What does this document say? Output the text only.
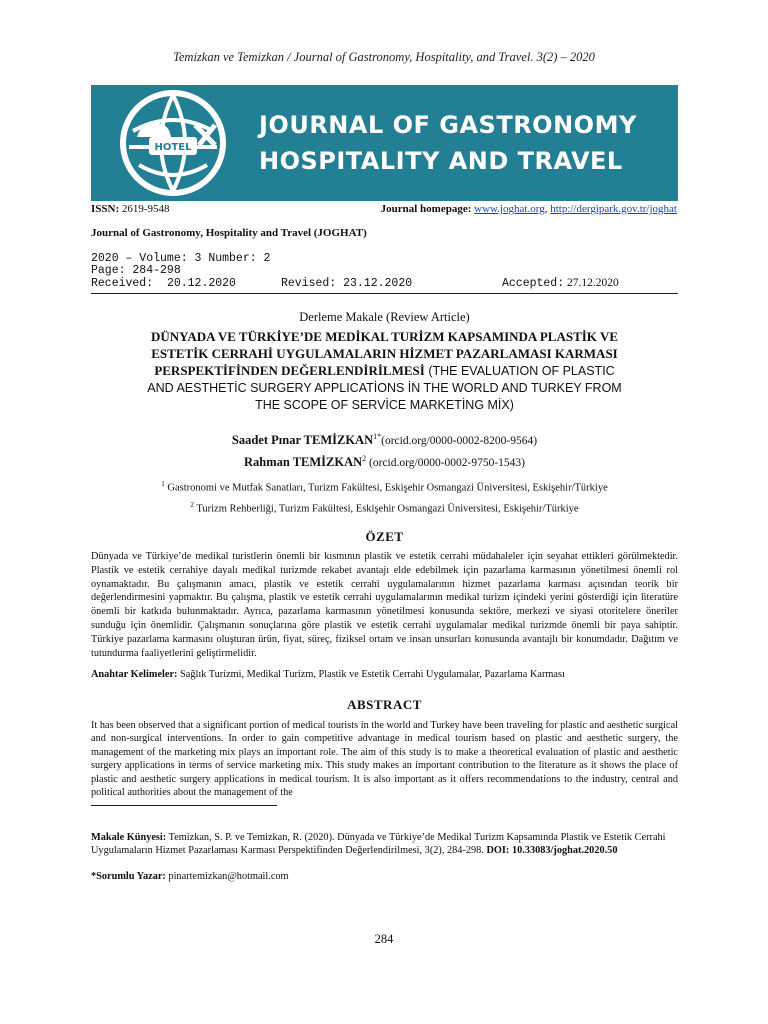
Temizkan ve Temizkan / Journal of Gastronomy, Hospitality, and Travel. 3(2) – 2020
HOTEL
JOURNAL OF GASTRONOMY
HOSPITALITY AND TRAVEL
ISSN: 2619-9548	Journal homepage: www.joghat.org, http://dergipark.gov.tr/joghat
Journal of Gastronomy, Hospitality and Travel (JOGHAT)
2020 – Volume: 3 Number: 2
Page: 284-298
Received: 20.12.2020	Revised: 23.12.2020	Accepted: 27.12.2020
Derleme Makale (Review Article)
DÜNYADA VE TÜRKİYE’DE MEDİKAL TURİZM KAPSAMINDA PLASTİK VE
ESTETİK CERRAHİ UYGULAMALARIN HİZMET PAZARLAMASI KARMASI
PERSPEKTİFİNDEN DEĞERLENDİRİLMESİ (THE EVALUATION OF PLASTIC
AND AESTHETİC SURGERY APPLICATİONS İN THE WORLD AND TURKEY FROM
THE SCOPE OF SERVİCE MARKETİNG MİX)
Saadet Pınar $TEMİZKAN^{1*}(orcid.org/0000-0002-8200-9564)$
Rahman TEMİZKAN$^2$ (orcid.org/0000-0002-9750-1543)
$^1$ Gastronomi ve Mutfak Sanatları, Turizm Fakültesi, Eskişehir Osmangazi Üniversitesi, Eskişehir/Türkiye
$^2$ Turizm Rehberliği, Turizm Fakültesi, Eskişehir Osmangazi Üniversitesi, Eskişehir/Türkiye
ÖZET
Dünyada ve Türkiye’de medikal turistlerin önemli bir kısmının plastik ve estetik cerrahi müdahaleler için seyahat ettikleri görülmektedir. Plastik ve estetik cerrahiye dayalı medikal turizmde rekabet avantajı elde edebilmek için pazarlama karmasının yönetilmesi önemli rol oynamaktadır. Bu çalışmanın amacı, plastik ve estetik cerrahi uygulamalarının hizmet pazarlama karması açısından teorik bir değerlendirmesini yapmaktır. Bu çalışma, plastik ve estetik cerrahi uygulamalarının medikal turizm içindeki yerini gösterdiği için literatüre önemli bir katkıda bulunmaktadır. Ayrıca, pazarlama karmasının yönetilmesi konusunda sektöre, merkezi ve siyasi otoritelere öneriler sunduğu için önemlidir. Çalışmanın sonuçlarına göre plastik ve estetik cerrahi uygulamalar medikal turizmde önemli bir paya sahiptir. Türkiye pazarlama karmasını oluşturan ürün, fiyat, süreç, fiziksel ortam ve insan unsurları konusunda avantajlı bir konumdadır. Dağıtım ve tutundurma faaliyetlerini geliştirmelidir.
Anahtar Kelimeler: Sağlık Turizmi, Medikal Turizm, Plastik ve Estetik Cerrahi Uygulamalar, Pazarlama Karması
ABSTRACT
It has been observed that a significant portion of medical tourists in the world and Turkey have been traveling for plastic and aesthetic surgical and non-surgical interventions. In order to gain competitive advantage in medical tourism based on plastic and aesthetic surgery, the management of the marketing mix plays an important role. The aim of this study is to make a theoretical evaluation of plastic and aesthetic surgery applications in terms of service marketing mix. This study makes an important contribution to the literature as it shows the place of plastic and aesthetic surgery applications in medical tourism. It is also important as it offers recommendations to the industry, central and political authorities about the management of the
Makale Künyesi: Temizkan, S. P. ve Temizkan, R. (2020). Dünyada ve Türkiye’de Medikal Turizm Kapsamında Plastik ve Estetik Cerrahi Uygulamaların Hizmet Pazarlaması Karması Perspektifinden Değerlendirilmesi, 3(2), 284-298. DOI: 10.33083/joghat.2020.50
*Sorumlu Yazar: pinartemizkan@hotmail.com
284
